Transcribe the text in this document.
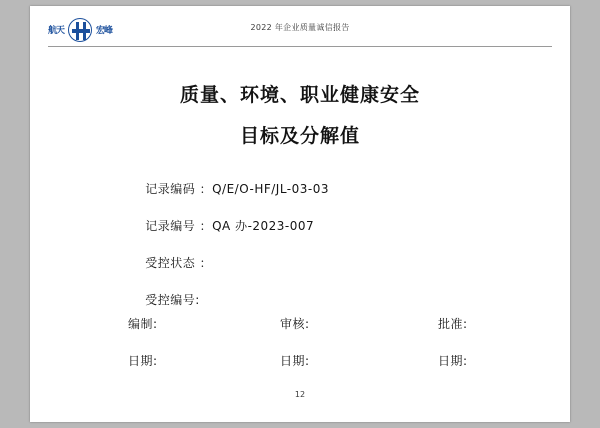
航天	宏峰	2022 年企业质量诚信报告
质量、环境、职业健康安全
目标及分解值

记录编码 ：Q/E/O-HF/JL-03-03

记录编号 ：QA 办-2023-007

受控状态 ：

受控编号:

编制:	审核:	批准:
日期:	日期:	日期:
12
